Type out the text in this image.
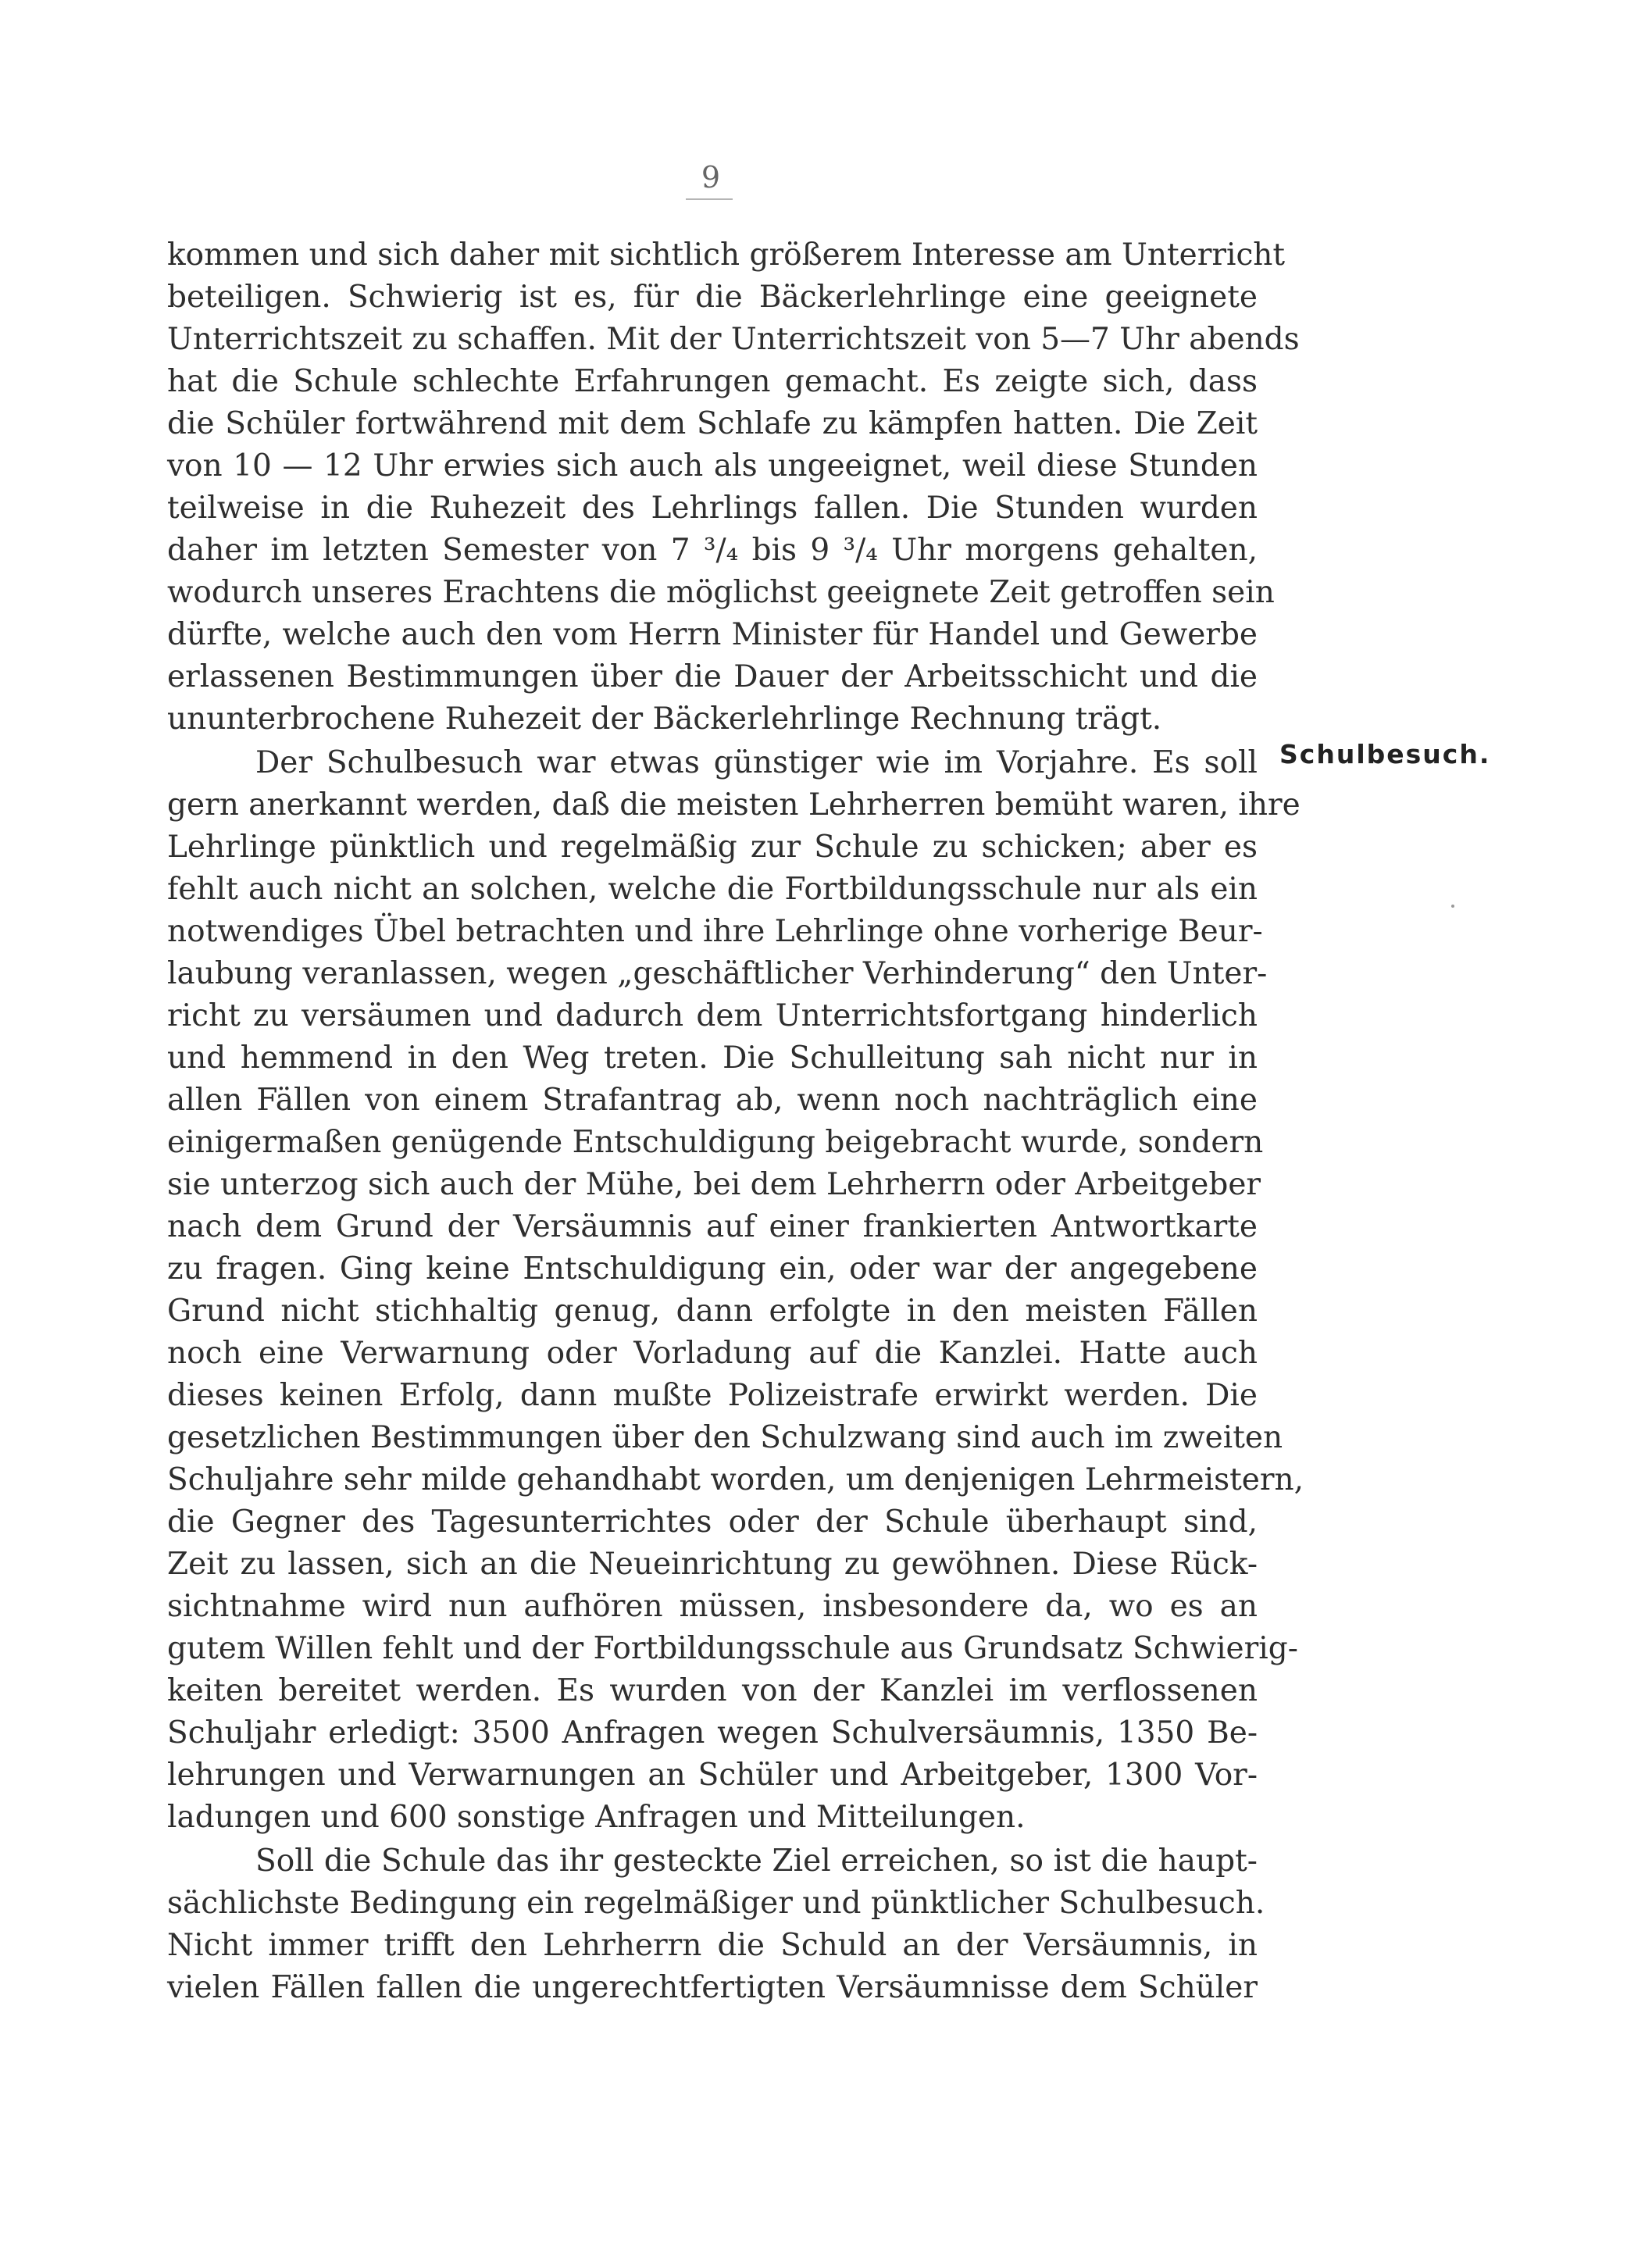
9
kommen und sich daher mit sichtlich größerem Interesse am Unterricht
beteiligen. Schwierig ist es, für die Bäckerlehrlinge eine geeignete
Unterrichtszeit zu schaffen. Mit der Unterrichtszeit von 5—7 Uhr abends
hat die Schule schlechte Erfahrungen gemacht. Es zeigte sich, dass
die Schüler fortwährend mit dem Schlafe zu kämpfen hatten. Die Zeit
von 10 — 12 Uhr erwies sich auch als ungeeignet, weil diese Stunden
teilweise in die Ruhezeit des Lehrlings fallen. Die Stunden wurden
daher im letzten Semester von 7 ³/₄ bis 9 ³/₄ Uhr morgens gehalten,
wodurch unseres Erachtens die möglichst geeignete Zeit getroffen sein
dürfte, welche auch den vom Herrn Minister für Handel und Gewerbe
erlassenen Bestimmungen über die Dauer der Arbeitsschicht und die
ununterbrochene Ruhezeit der Bäckerlehrlinge Rechnung trägt.
Der Schulbesuch war etwas günstiger wie im Vorjahre. Es soll
gern anerkannt werden, daß die meisten Lehrherren bemüht waren, ihre
Lehrlinge pünktlich und regelmäßig zur Schule zu schicken; aber es
fehlt auch nicht an solchen, welche die Fortbildungsschule nur als ein
notwendiges Übel betrachten und ihre Lehrlinge ohne vorherige Beur-
laubung veranlassen, wegen „geschäftlicher Verhinderung“ den Unter-
richt zu versäumen und dadurch dem Unterrichtsfortgang hinderlich
und hemmend in den Weg treten. Die Schulleitung sah nicht nur in
allen Fällen von einem Strafantrag ab, wenn noch nachträglich eine
einigermaßen genügende Entschuldigung beigebracht wurde, sondern
sie unterzog sich auch der Mühe, bei dem Lehrherrn oder Arbeitgeber
nach dem Grund der Versäumnis auf einer frankierten Antwortkarte
zu fragen. Ging keine Entschuldigung ein, oder war der angegebene
Grund nicht stichhaltig genug, dann erfolgte in den meisten Fällen
noch eine Verwarnung oder Vorladung auf die Kanzlei. Hatte auch
dieses keinen Erfolg, dann mußte Polizeistrafe erwirkt werden. Die
gesetzlichen Bestimmungen über den Schulzwang sind auch im zweiten
Schuljahre sehr milde gehandhabt worden, um denjenigen Lehrmeistern,
die Gegner des Tagesunterrichtes oder der Schule überhaupt sind,
Zeit zu lassen, sich an die Neueinrichtung zu gewöhnen. Diese Rück-
sichtnahme wird nun aufhören müssen, insbesondere da, wo es an
gutem Willen fehlt und der Fortbildungsschule aus Grundsatz Schwierig-
keiten bereitet werden. Es wurden von der Kanzlei im verflossenen
Schuljahr erledigt: 3500 Anfragen wegen Schulversäumnis, 1350 Be-
lehrungen und Verwarnungen an Schüler und Arbeitgeber, 1300 Vor-
ladungen und 600 sonstige Anfragen und Mitteilungen.
Soll die Schule das ihr gesteckte Ziel erreichen, so ist die haupt-
sächlichste Bedingung ein regelmäßiger und pünktlicher Schulbesuch.
Nicht immer trifft den Lehrherrn die Schuld an der Versäumnis, in
vielen Fällen fallen die ungerechtfertigten Versäumnisse dem Schüler
Schulbesuch.
